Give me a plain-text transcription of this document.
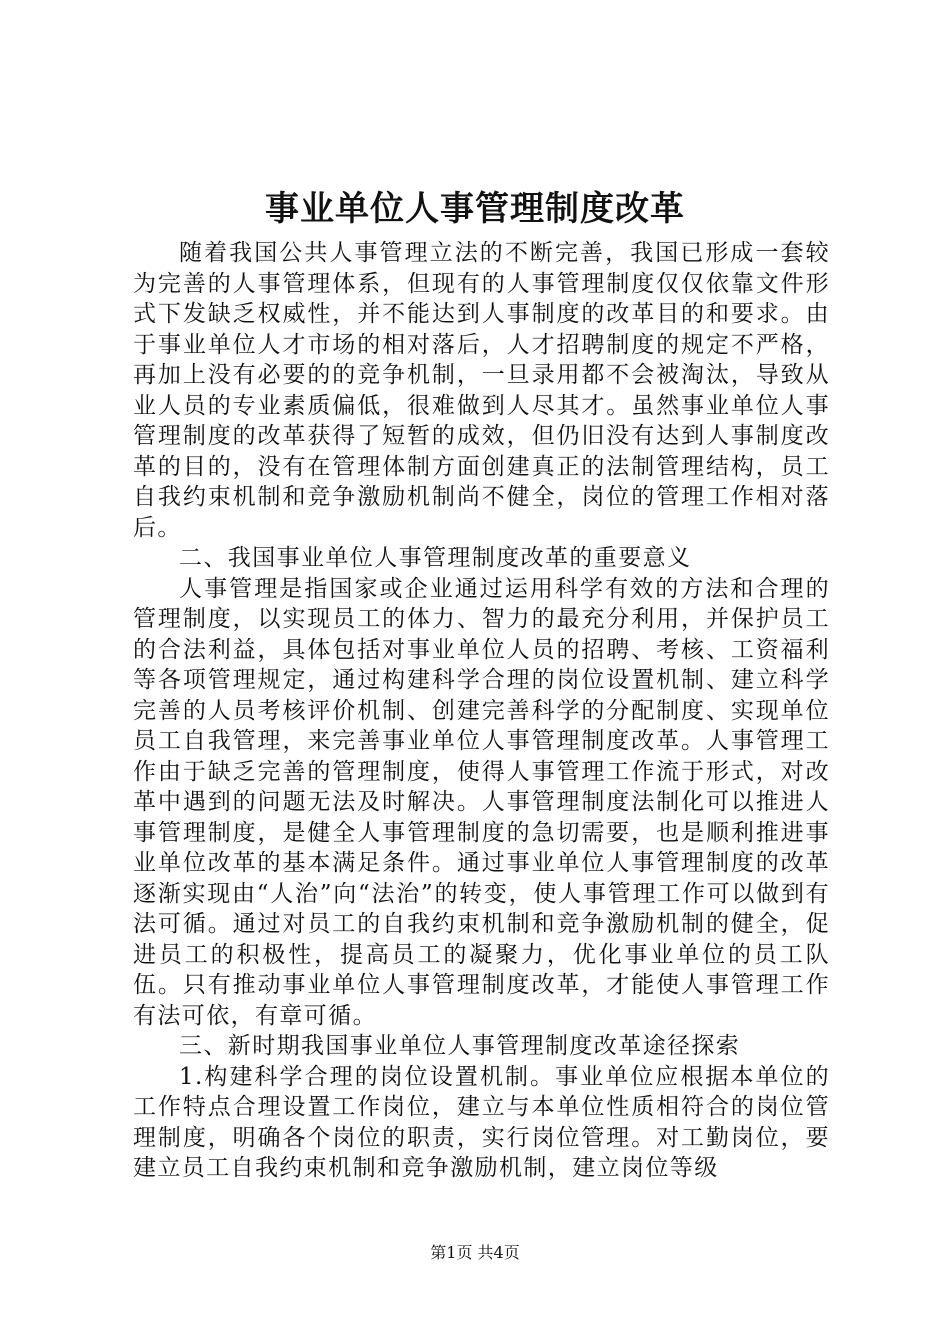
事业单位人事管理制度改革

随着我国公共人事管理立法的不断完善，我国已形成一套较为完善的人事管理体系，但现有的人事管理制度仅仅依靠文件形式下发缺乏权威性，并不能达到人事制度的改革目的和要求。由于事业单位人才市场的相对落后，人才招聘制度的规定不严格，再加上没有必要的的竞争机制，一旦录用都不会被淘汰，导致从业人员的专业素质偏低，很难做到人尽其才。虽然事业单位人事管理制度的改革获得了短暂的成效，但仍旧没有达到人事制度改革的目的，没有在管理体制方面创建真正的法制管理结构，员工自我约束机制和竞争激励机制尚不健全，岗位的管理工作相对落后。

二、我国事业单位人事管理制度改革的重要意义

人事管理是指国家或企业通过运用科学有效的方法和合理的管理制度，以实现员工的体力、智力的最充分利用，并保护员工的合法利益，具体包括对事业单位人员的招聘、考核、工资福利等各项管理规定，通过构建科学合理的岗位设置机制、建立科学完善的人员考核评价机制、创建完善科学的分配制度、实现单位员工自我管理，来完善事业单位人事管理制度改革。人事管理工作由于缺乏完善的管理制度，使得人事管理工作流于形式，对改革中遇到的问题无法及时解决。人事管理制度法制化可以推进人事管理制度，是健全人事管理制度的急切需要，也是顺利推进事业单位改革的基本满足条件。通过事业单位人事管理制度的改革逐渐实现由“人治”向“法治”的转变，使人事管理工作可以做到有法可循。通过对员工的自我约束机制和竞争激励机制的健全，促进员工的积极性，提高员工的凝聚力，优化事业单位的员工队伍。只有推动事业单位人事管理制度改革，才能使人事管理工作有法可依，有章可循。

三、新时期我国事业单位人事管理制度改革途径探索

1.构建科学合理的岗位设置机制。事业单位应根据本单位的工作特点合理设置工作岗位，建立与本单位性质相符合的岗位管理制度，明确各个岗位的职责，实行岗位管理。对工勤岗位，要建立员工自我约束机制和竞争激励机制，建立岗位等级

第1页 共4页
